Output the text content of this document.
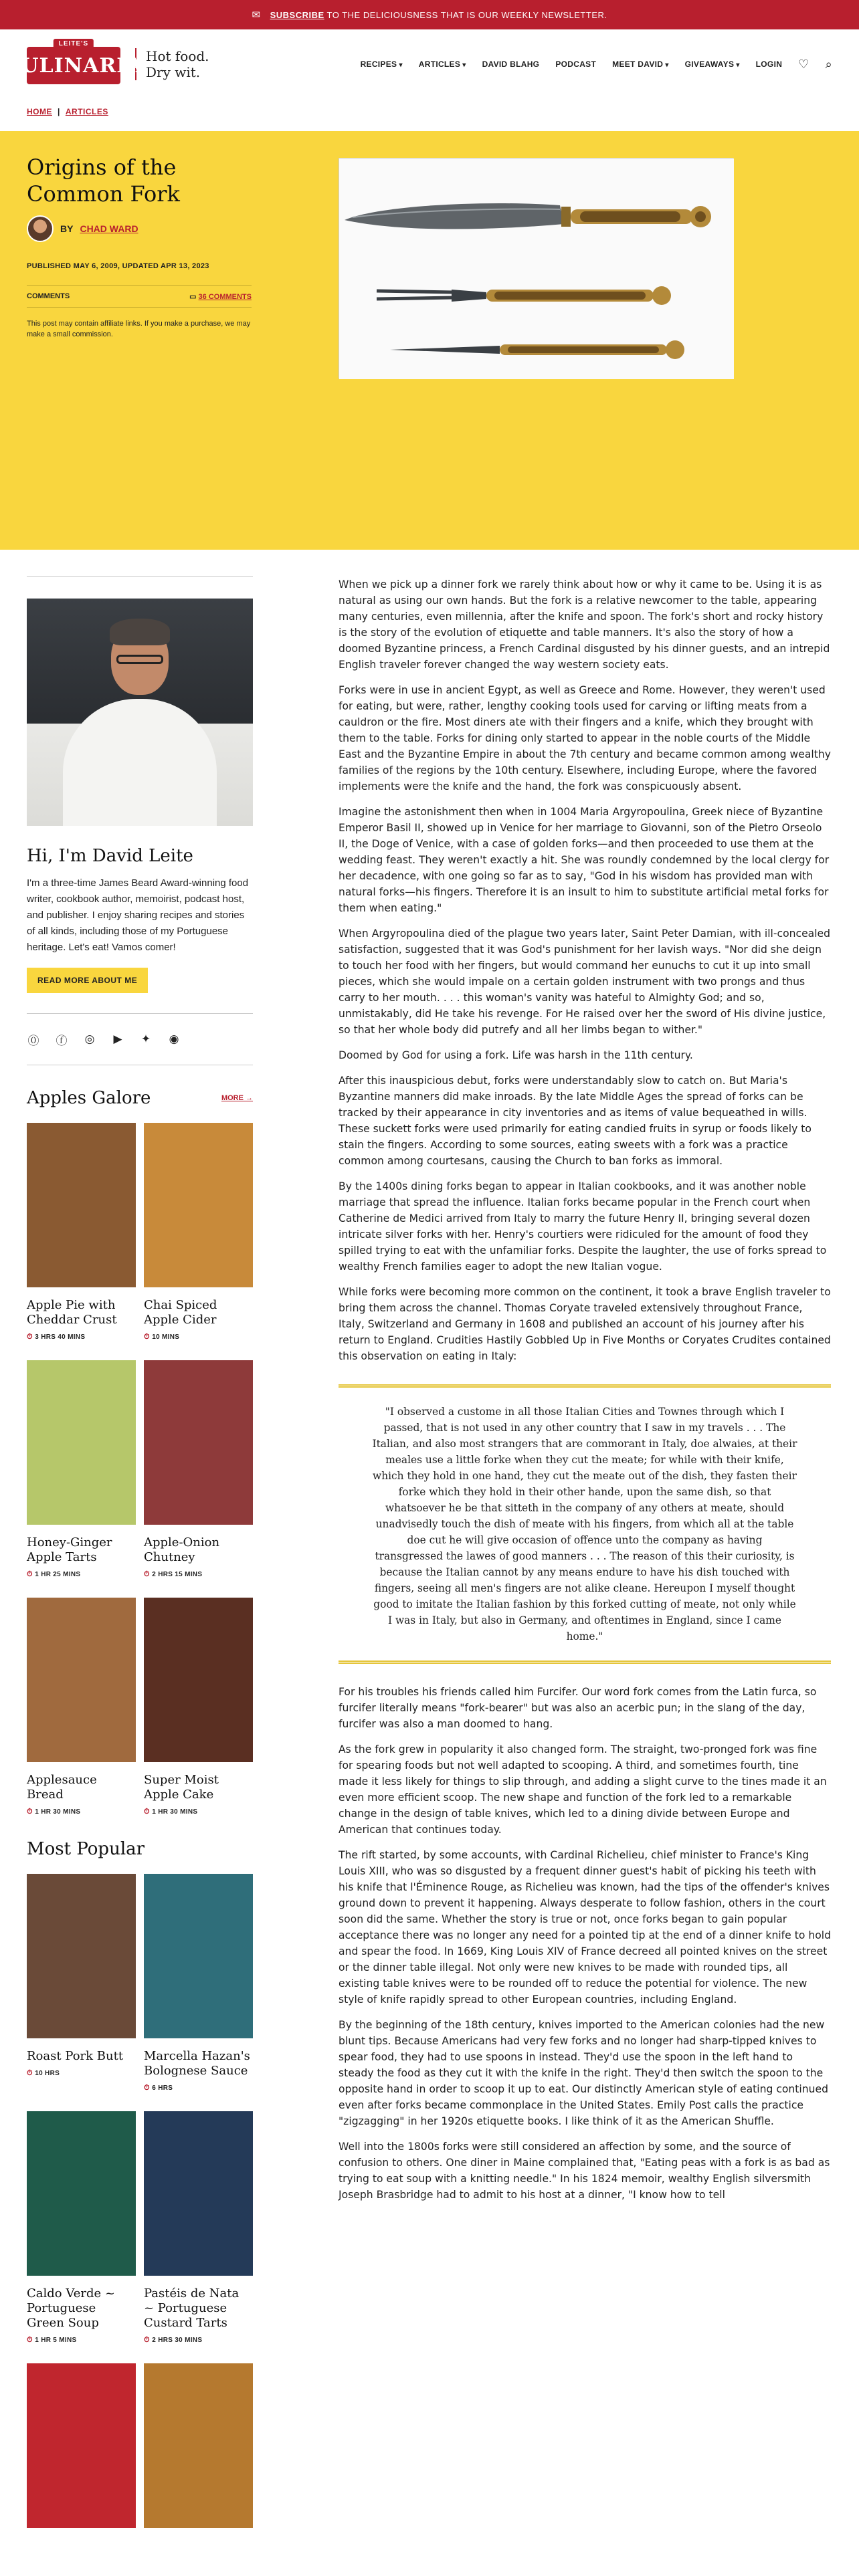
✉ SUBSCRIBE TO THE DELICIOUSNESS THAT IS OUR WEEKLY NEWSLETTER.
CULINARIA
LEITE'S
Hot food.
Dry wit.	RECIPES ▾	ARTICLES ▾	DAVID BLAHG PODCAST MEET DAVID ▾	GIVEAWAYS ▾	LOGIN ♡ ⌕
HOME | ARTICLES
Origins of the Common Fork
BY CHAD WARD
PUBLISHED MAY 6, 2009, UPDATED APR 13, 2023
COMMENTS	▭ 36 COMMENTS
This post may contain affiliate links. If you make a purchase, we may make a small commission.
Hi, I'm David Leite

I'm a three-time James Beard Award-winning food writer, cookbook author, memoirist, podcast host, and publisher. I enjoy sharing recipes and stories of all kinds, including those of my Portuguese heritage. Let's eat! Vamos comer!

READ MORE ABOUT ME
⓪ ⓕ ◎ ▶ ✦ ◉
Apples Galore	MORE →
Apple Pie with Cheddar Crust
⏱ 3 HRS 40 MINS
Chai Spiced Apple Cider
⏱ 10 MINS
Honey-Ginger Apple Tarts
⏱ 1 HR 25 MINS
Apple-Onion Chutney
⏱ 2 HRS 15 MINS
Applesauce Bread
⏱ 1 HR 30 MINS
Super Moist Apple Cake
⏱ 1 HR 30 MINS
Most Popular
Roast Pork Butt
⏱ 10 HRS
Marcella Hazan's Bolognese Sauce
⏱ 6 HRS
Caldo Verde ~ Portuguese Green Soup
⏱ 1 HR 5 MINS
Pastéis de Nata ~ Portuguese Custard Tarts
⏱ 2 HRS 30 MINS

When we pick up a dinner fork we rarely think about how or why it came to be. Using it is as natural as using our own hands. But the fork is a relative newcomer to the table, appearing many centuries, even millennia, after the knife and spoon. The fork's short and rocky history is the story of the evolution of etiquette and table manners. It's also the story of how a doomed Byzantine princess, a French Cardinal disgusted by his dinner guests, and an intrepid English traveler forever changed the way western society eats.

Forks were in use in ancient Egypt, as well as Greece and Rome. However, they weren't used for eating, but were, rather, lengthy cooking tools used for carving or lifting meats from a cauldron or the fire. Most diners ate with their fingers and a knife, which they brought with them to the table. Forks for dining only started to appear in the noble courts of the Middle East and the Byzantine Empire in about the 7th century and became common among wealthy families of the regions by the 10th century. Elsewhere, including Europe, where the favored implements were the knife and the hand, the fork was conspicuously absent.

Imagine the astonishment then when in 1004 Maria Argyropoulina, Greek niece of Byzantine Emperor Basil II, showed up in Venice for her marriage to Giovanni, son of the Pietro Orseolo II, the Doge of Venice, with a case of golden forks—and then proceeded to use them at the wedding feast. They weren't exactly a hit. She was roundly condemned by the local clergy for her decadence, with one going so far as to say, "God in his wisdom has provided man with natural forks—his fingers. Therefore it is an insult to him to substitute artificial metal forks for them when eating."

When Argyropoulina died of the plague two years later, Saint Peter Damian, with ill-concealed satisfaction, suggested that it was God's punishment for her lavish ways. "Nor did she deign to touch her food with her fingers, but would command her eunuchs to cut it up into small pieces, which she would impale on a certain golden instrument with two prongs and thus carry to her mouth. . . . this woman's vanity was hateful to Almighty God; and so, unmistakably, did He take his revenge. For He raised over her the sword of His divine justice, so that her whole body did putrefy and all her limbs began to wither."

Doomed by God for using a fork. Life was harsh in the 11th century.

After this inauspicious debut, forks were understandably slow to catch on. But Maria's Byzantine manners did make inroads. By the late Middle Ages the spread of forks can be tracked by their appearance in city inventories and as items of value bequeathed in wills. These suckett forks were used primarily for eating candied fruits in syrup or foods likely to stain the fingers. According to some sources, eating sweets with a fork was a practice common among courtesans, causing the Church to ban forks as immoral.

By the 1400s dining forks began to appear in Italian cookbooks, and it was another noble marriage that spread the influence. Italian forks became popular in the French court when Catherine de Medici arrived from Italy to marry the future Henry II, bringing several dozen intricate silver forks with her. Henry's courtiers were ridiculed for the amount of food they spilled trying to eat with the unfamiliar forks. Despite the laughter, the use of forks spread to wealthy French families eager to adopt the new Italian vogue.

While forks were becoming more common on the continent, it took a brave English traveler to bring them across the channel. Thomas Coryate traveled extensively throughout France, Italy, Switzerland and Germany in 1608 and published an account of his journey after his return to England. Crudities Hastily Gobbled Up in Five Months or Coryates Crudites contained this observation on eating in Italy:

"I observed a custome in all those Italian Cities and Townes through which I passed, that is not used in any other country that I saw in my travels . . . The Italian, and also most strangers that are commorant in Italy, doe alwaies, at their meales use a little forke when they cut the meate; for while with their knife, which they hold in one hand, they cut the meate out of the dish, they fasten their forke which they hold in their other hande, upon the same dish, so that whatsoever he be that sitteth in the company of any others at meate, should unadvisedly touch the dish of meate with his fingers, from which all at the table doe cut he will give occasion of offence unto the company as having transgressed the lawes of good manners . . . The reason of this their curiosity, is because the Italian cannot by any means endure to have his dish touched with fingers, seeing all men's fingers are not alike cleane. Hereupon I myself thought good to imitate the Italian fashion by this forked cutting of meate, not only while I was in Italy, but also in Germany, and oftentimes in England, since I came home."

For his troubles his friends called him Furcifer. Our word fork comes from the Latin furca, so furcifer literally means "fork-bearer" but was also an acerbic pun; in the slang of the day, furcifer was also a man doomed to hang.

As the fork grew in popularity it also changed form. The straight, two-pronged fork was fine for spearing foods but not well adapted to scooping. A third, and sometimes fourth, tine made it less likely for things to slip through, and adding a slight curve to the tines made it an even more efficient scoop. The new shape and function of the fork led to a remarkable change in the design of table knives, which led to a dining divide between Europe and American that continues today.

The rift started, by some accounts, with Cardinal Richelieu, chief minister to France's King Louis XIII, who was so disgusted by a frequent dinner guest's habit of picking his teeth with his knife that l'Éminence Rouge, as Richelieu was known, had the tips of the offender's knives ground down to prevent it happening. Always desperate to follow fashion, others in the court soon did the same. Whether the story is true or not, once forks began to gain popular acceptance there was no longer any need for a pointed tip at the end of a dinner knife to hold and spear the food. In 1669, King Louis XIV of France decreed all pointed knives on the street or the dinner table illegal. Not only were new knives to be made with rounded tips, all existing table knives were to be rounded off to reduce the potential for violence. The new style of knife rapidly spread to other European countries, including England.

By the beginning of the 18th century, knives imported to the American colonies had the new blunt tips. Because Americans had very few forks and no longer had sharp-tipped knives to spear food, they had to use spoons in instead. They'd use the spoon in the left hand to steady the food as they cut it with the knife in the right. They'd then switch the spoon to the opposite hand in order to scoop it up to eat. Our distinctly American style of eating continued even after forks became commonplace in the United States. Emily Post calls the practice "zigzagging" in her 1920s etiquette books. I like think of it as the American Shuffle.

Well into the 1800s forks were still considered an affection by some, and the source of confusion to others. One diner in Maine complained that, "Eating peas with a fork is as bad as trying to eat soup with a knitting needle." In his 1824 memoir, wealthy English silversmith Joseph Brasbridge had to admit to his host at a dinner, "I know how to tell
